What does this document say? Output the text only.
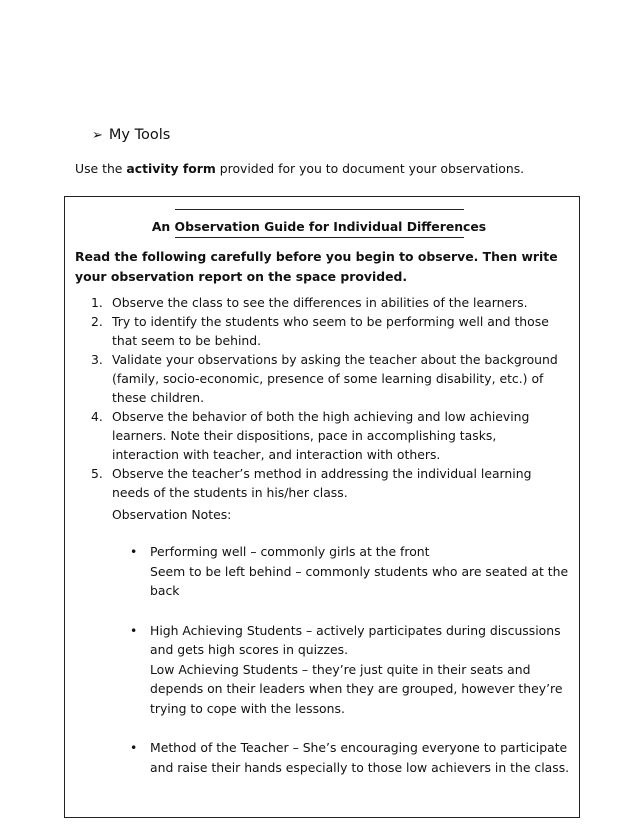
➢ My Tools
Use the activity form provided for you to document your observations.
An Observation Guide for Individual Differences
Read the following carefully before you begin to observe. Then write your observation report on the space provided.
1. Observe the class to see the differences in abilities of the learners.
2. Try to identify the students who seem to be performing well and those that seem to be behind.
3. Validate your observations by asking the teacher about the background (family, socio-economic, presence of some learning disability, etc.) of these children.
4. Observe the behavior of both the high achieving and low achieving learners. Note their dispositions, pace in accomplishing tasks, interaction with teacher, and interaction with others.
5. Observe the teacher’s method in addressing the individual learning needs of the students in his/her class.
Observation Notes:
• Performing well – commonly girls at the front
Seem to be left behind – commonly students who are seated at the back
• High Achieving Students – actively participates during discussions and gets high scores in quizzes.
Low Achieving Students – they’re just quite in their seats and depends on their leaders when they are grouped, however they’re trying to cope with the lessons.
• Method of the Teacher – She’s encouraging everyone to participate and raise their hands especially to those low achievers in the class.
